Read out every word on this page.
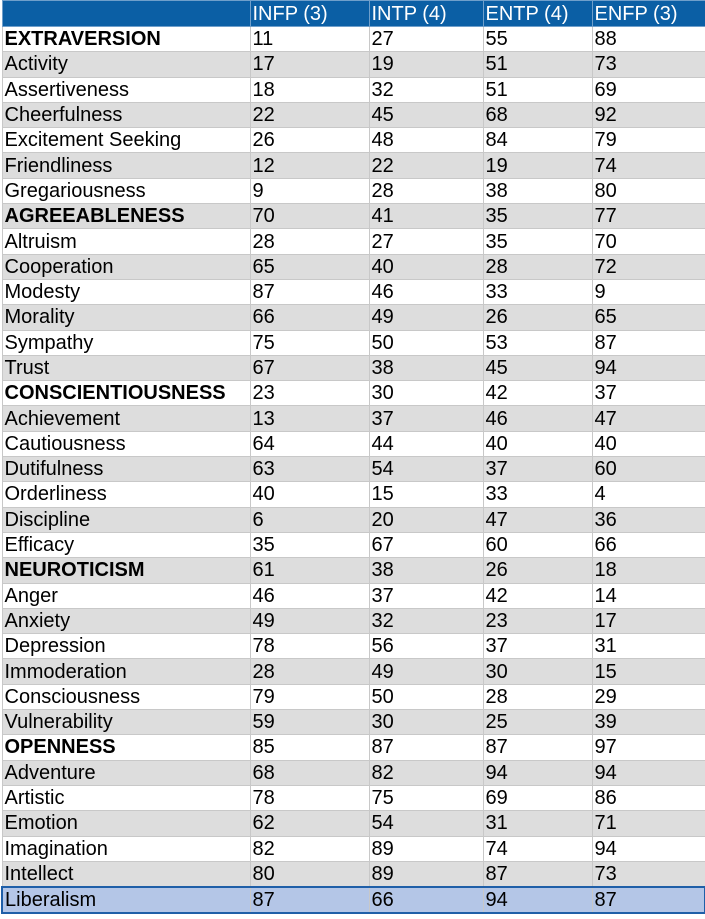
	INFP (3)	INTP (4)	ENTP (4)	ENFP (3)
EXTRAVERSION	11	27	55	88
Activity	17	19	51	73
Assertiveness	18	32	51	69
Cheerfulness	22	45	68	92
Excitement Seeking	26	48	84	79
Friendliness	12	22	19	74
Gregariousness	9	28	38	80
AGREEABLENESS	70	41	35	77
Altruism	28	27	35	70
Cooperation	65	40	28	72
Modesty	87	46	33	9
Morality	66	49	26	65
Sympathy	75	50	53	87
Trust	67	38	45	94
CONSCIENTIOUSNESS	23	30	42	37
Achievement	13	37	46	47
Cautiousness	64	44	40	40
Dutifulness	63	54	37	60
Orderliness	40	15	33	4
Discipline	6	20	47	36
Efficacy	35	67	60	66
NEUROTICISM	61	38	26	18
Anger	46	37	42	14
Anxiety	49	32	23	17
Depression	78	56	37	31
Immoderation	28	49	30	15
Consciousness	79	50	28	29
Vulnerability	59	30	25	39
OPENNESS	85	87	87	97
Adventure	68	82	94	94
Artistic	78	75	69	86
Emotion	62	54	31	71
Imagination	82	89	74	94
Intellect	80	89	87	73
Liberalism	87	66	94	87
